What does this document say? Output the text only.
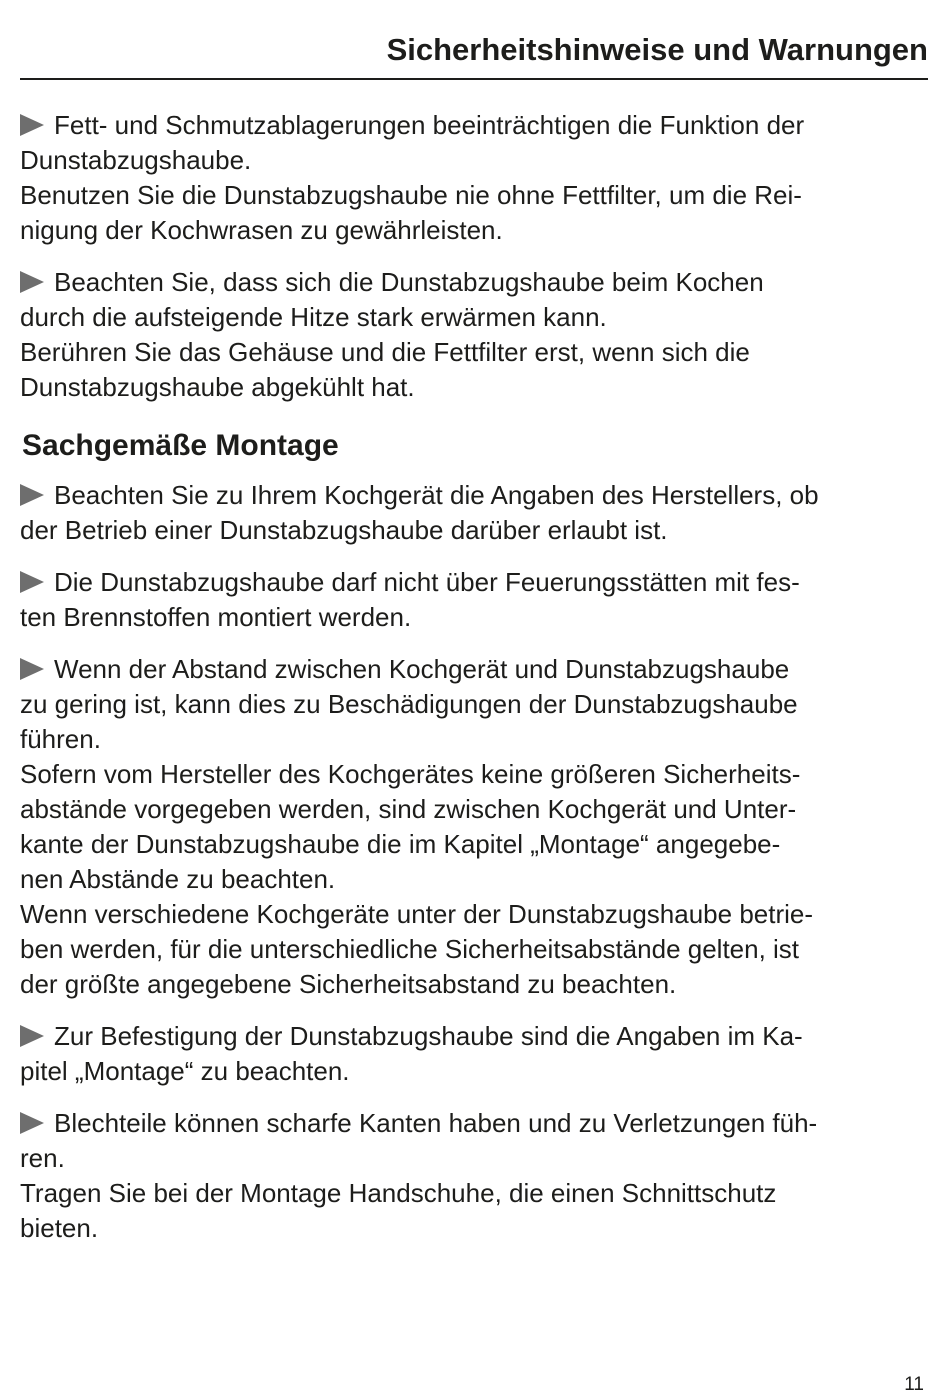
Sicherheitshinweise und Warnungen

Fett- und Schmutzablagerungen beeinträchtigen die Funktion der

Dunstabzugshaube.

Benutzen Sie die Dunstabzugshaube nie ohne Fettfilter, um die Rei-

nigung der Kochwrasen zu gewährleisten.

Beachten Sie, dass sich die Dunstabzugshaube beim Kochen

durch die aufsteigende Hitze stark erwärmen kann.

Berühren Sie das Gehäuse und die Fettfilter erst, wenn sich die

Dunstabzugshaube abgekühlt hat.

Sachgemäße Montage

Beachten Sie zu Ihrem Kochgerät die Angaben des Herstellers, ob

der Betrieb einer Dunstabzugshaube darüber erlaubt ist.

Die Dunstabzugshaube darf nicht über Feuerungsstätten mit fes-

ten Brennstoffen montiert werden.

Wenn der Abstand zwischen Kochgerät und Dunstabzugshaube

zu gering ist, kann dies zu Beschädigungen der Dunstabzugshaube

führen.

Sofern vom Hersteller des Kochgerätes keine größeren Sicherheits-

abstände vorgegeben werden, sind zwischen Kochgerät und Unter-

kante der Dunstabzugshaube die im Kapitel „Montage“ angegebe-

nen Abstände zu beachten.

Wenn verschiedene Kochgeräte unter der Dunstabzugshaube betrie-

ben werden, für die unterschiedliche Sicherheitsabstände gelten, ist

der größte angegebene Sicherheitsabstand zu beachten.

Zur Befestigung der Dunstabzugshaube sind die Angaben im Ka-

pitel „Montage“ zu beachten.

Blechteile können scharfe Kanten haben und zu Verletzungen füh-

ren.

Tragen Sie bei der Montage Handschuhe, die einen Schnittschutz

bieten.

11
